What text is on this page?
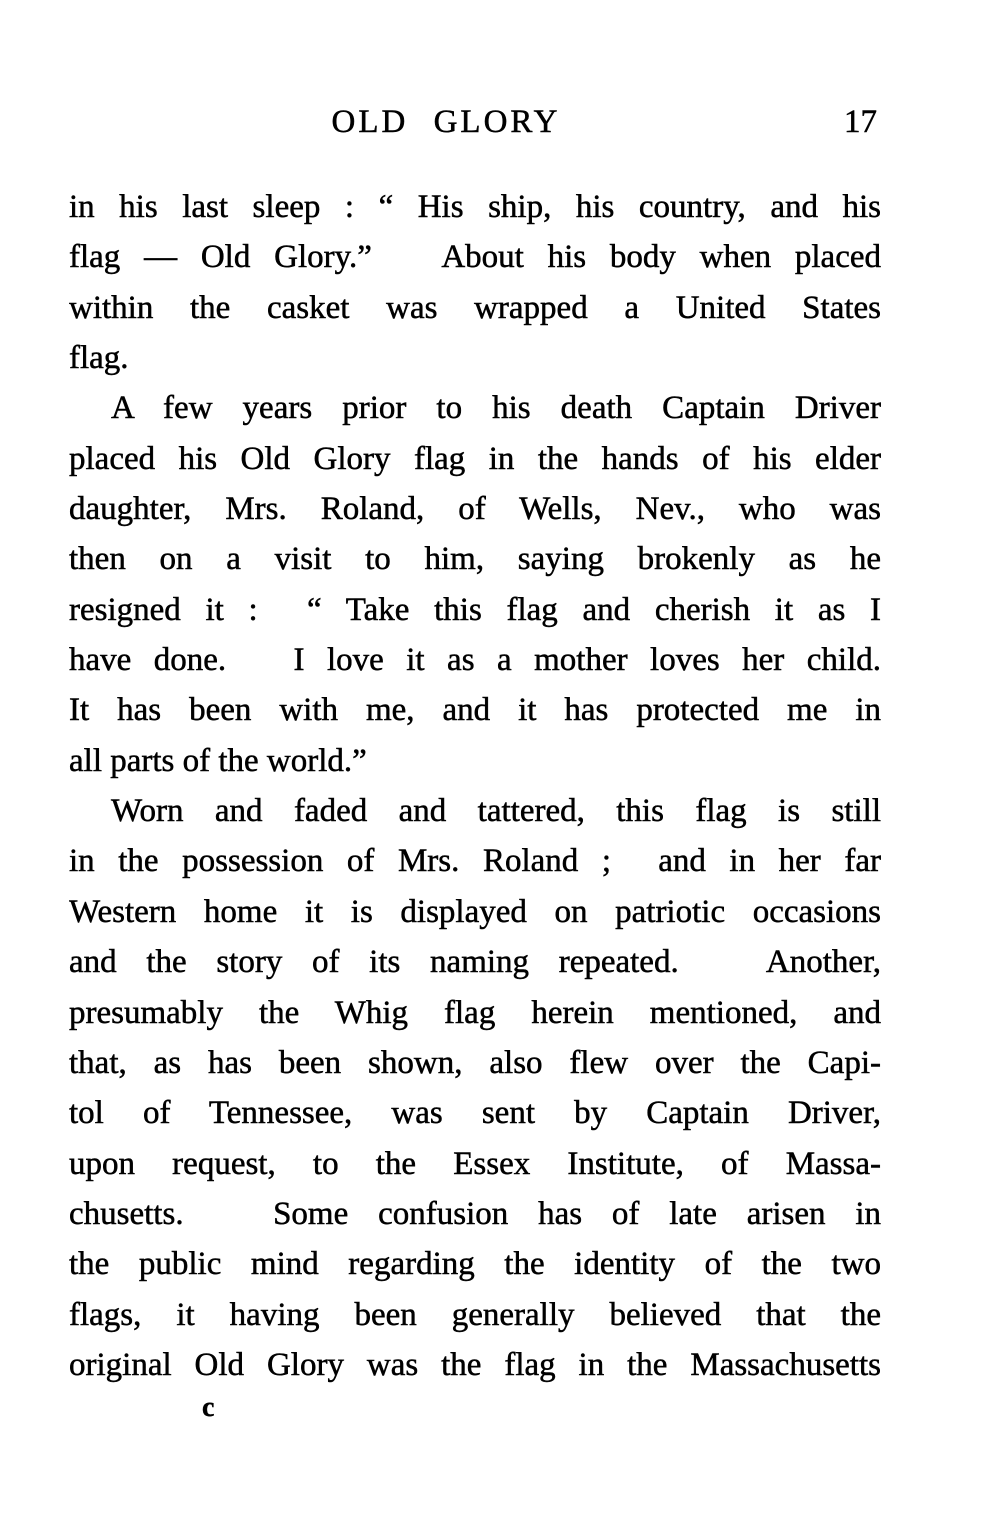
OLD GLORY	17
in his last sleep : “ His ship, his country, and his
flag — Old Glory.”   About his body when placed
within the casket was wrapped a United States
flag.
A few years prior to his death Captain Driver
placed his Old Glory flag in the hands of his elder
daughter, Mrs. Roland, of Wells, Nev., who was
then on a visit to him, saying brokenly as he
resigned it :  “ Take this flag and cherish it as I
have done.   I love it as a mother loves her child.
It has been with me, and it has protected me in
all parts of the world.”
Worn and faded and tattered, this flag is still
in the possession of Mrs. Roland ;  and in her far
Western home it is displayed on patriotic occasions
and the story of its naming repeated.   Another,
presumably the Whig flag herein mentioned, and
that, as has been shown, also flew over the Capi-
tol of Tennessee, was sent by Captain Driver,
upon request, to the Essex Institute, of Massa-
chusetts.   Some confusion has of late arisen in
the public mind regarding the identity of the two
flags, it having been generally believed that the
original Old Glory was the flag in the Massachusetts
c
